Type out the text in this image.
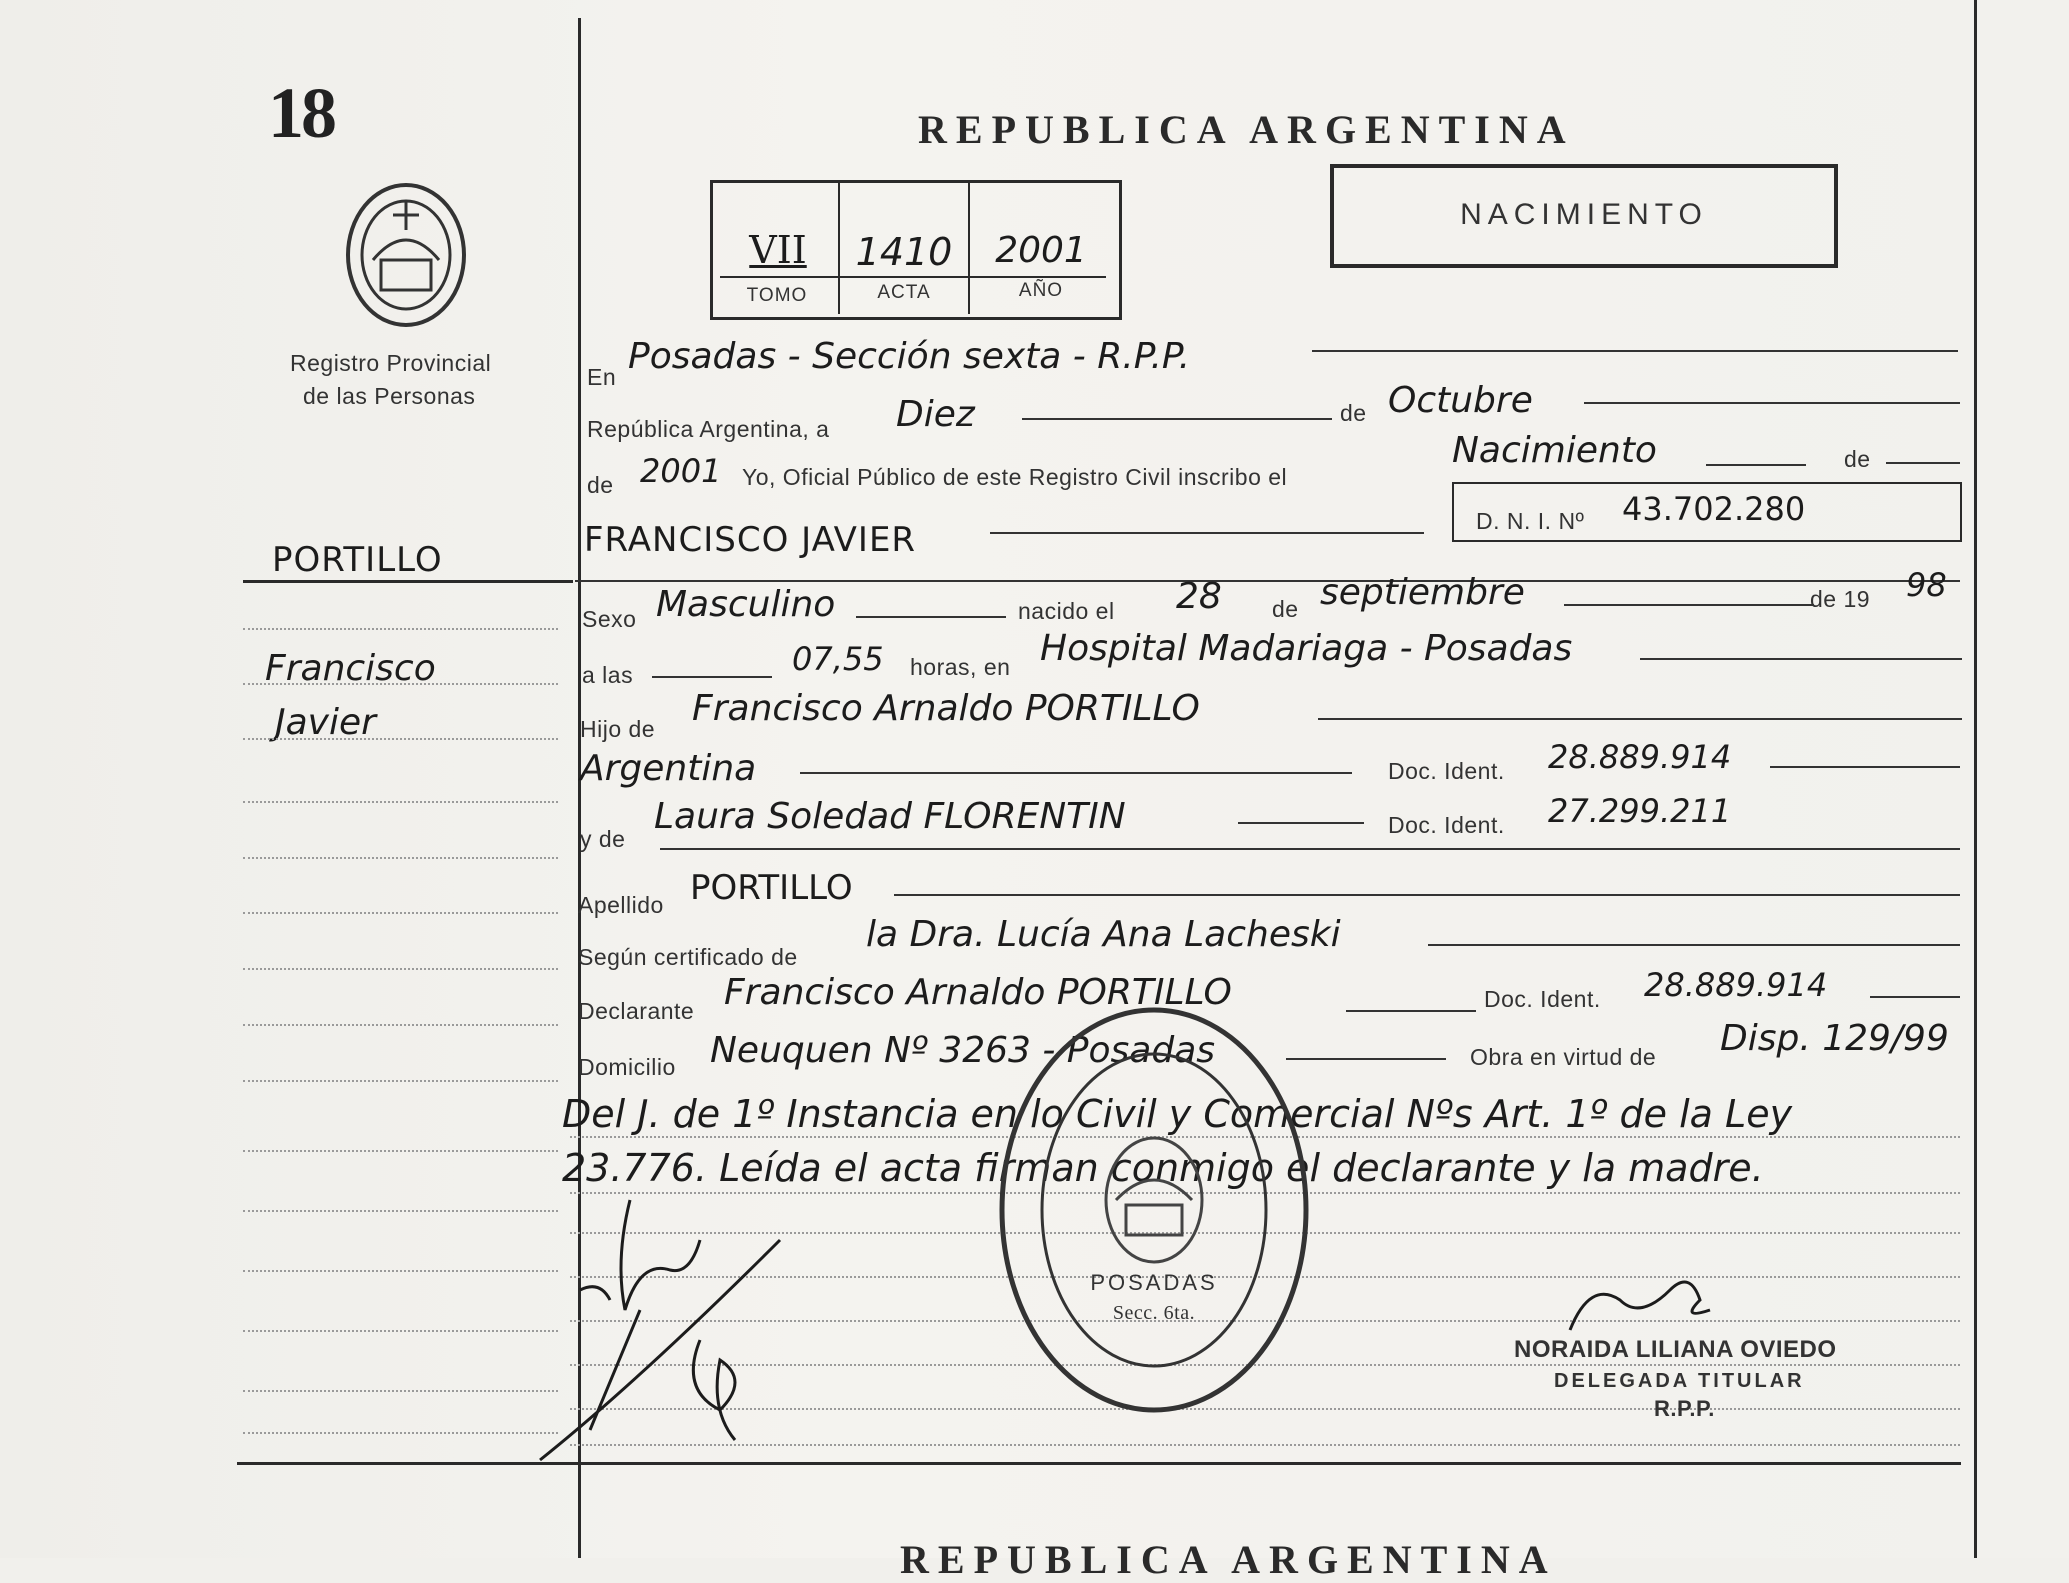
18
Registro Provincial
de las Personas
PORTILLO
Francisco
Javier
REPUBLICA ARGENTINA
VII	1410	2001
TOMO	ACTA	AÑO
NACIMIENTO
En Posadas - Sección sexta - R.P.P.
República Argentina, a Diez	de Octubre
de 2001 Yo, Oficial Público de este Registro Civil inscribo el
Nacimiento	de
FRANCISCO JAVIER	D. N. I. Nº 43.702.280
Sexo Masculino	nacido el 28 de septiembre	de 19 98
a las	07,55 horas, en Hospital Madariaga - Posadas
Hijo de Francisco Arnaldo PORTILLO
Argentina	Doc. Ident. 28.889.914
y de
Laura Soledad FLORENTIN	Doc. Ident. 27.299.211
Apellido PORTILLO
Según certificado de
la Dra. Lucía Ana Lacheski
Declarante Francisco Arnaldo PORTILLO	Doc. Ident. 28.889.914
Domicilio Neuquen Nº 3263 - Posadas	Obra en virtud de Disp. 129/99
Del J. de 1º Instancia en lo Civil y Comercial Nºs Art. 1º de la Ley
23.776. Leída el acta firman conmigo el declarante y la madre.
POSADAS
Secc. 6ta.
NORAIDA LILIANA OVIEDO
DELEGADA TITULAR
R.P.P.
REPUBLICA ARGENTINA
